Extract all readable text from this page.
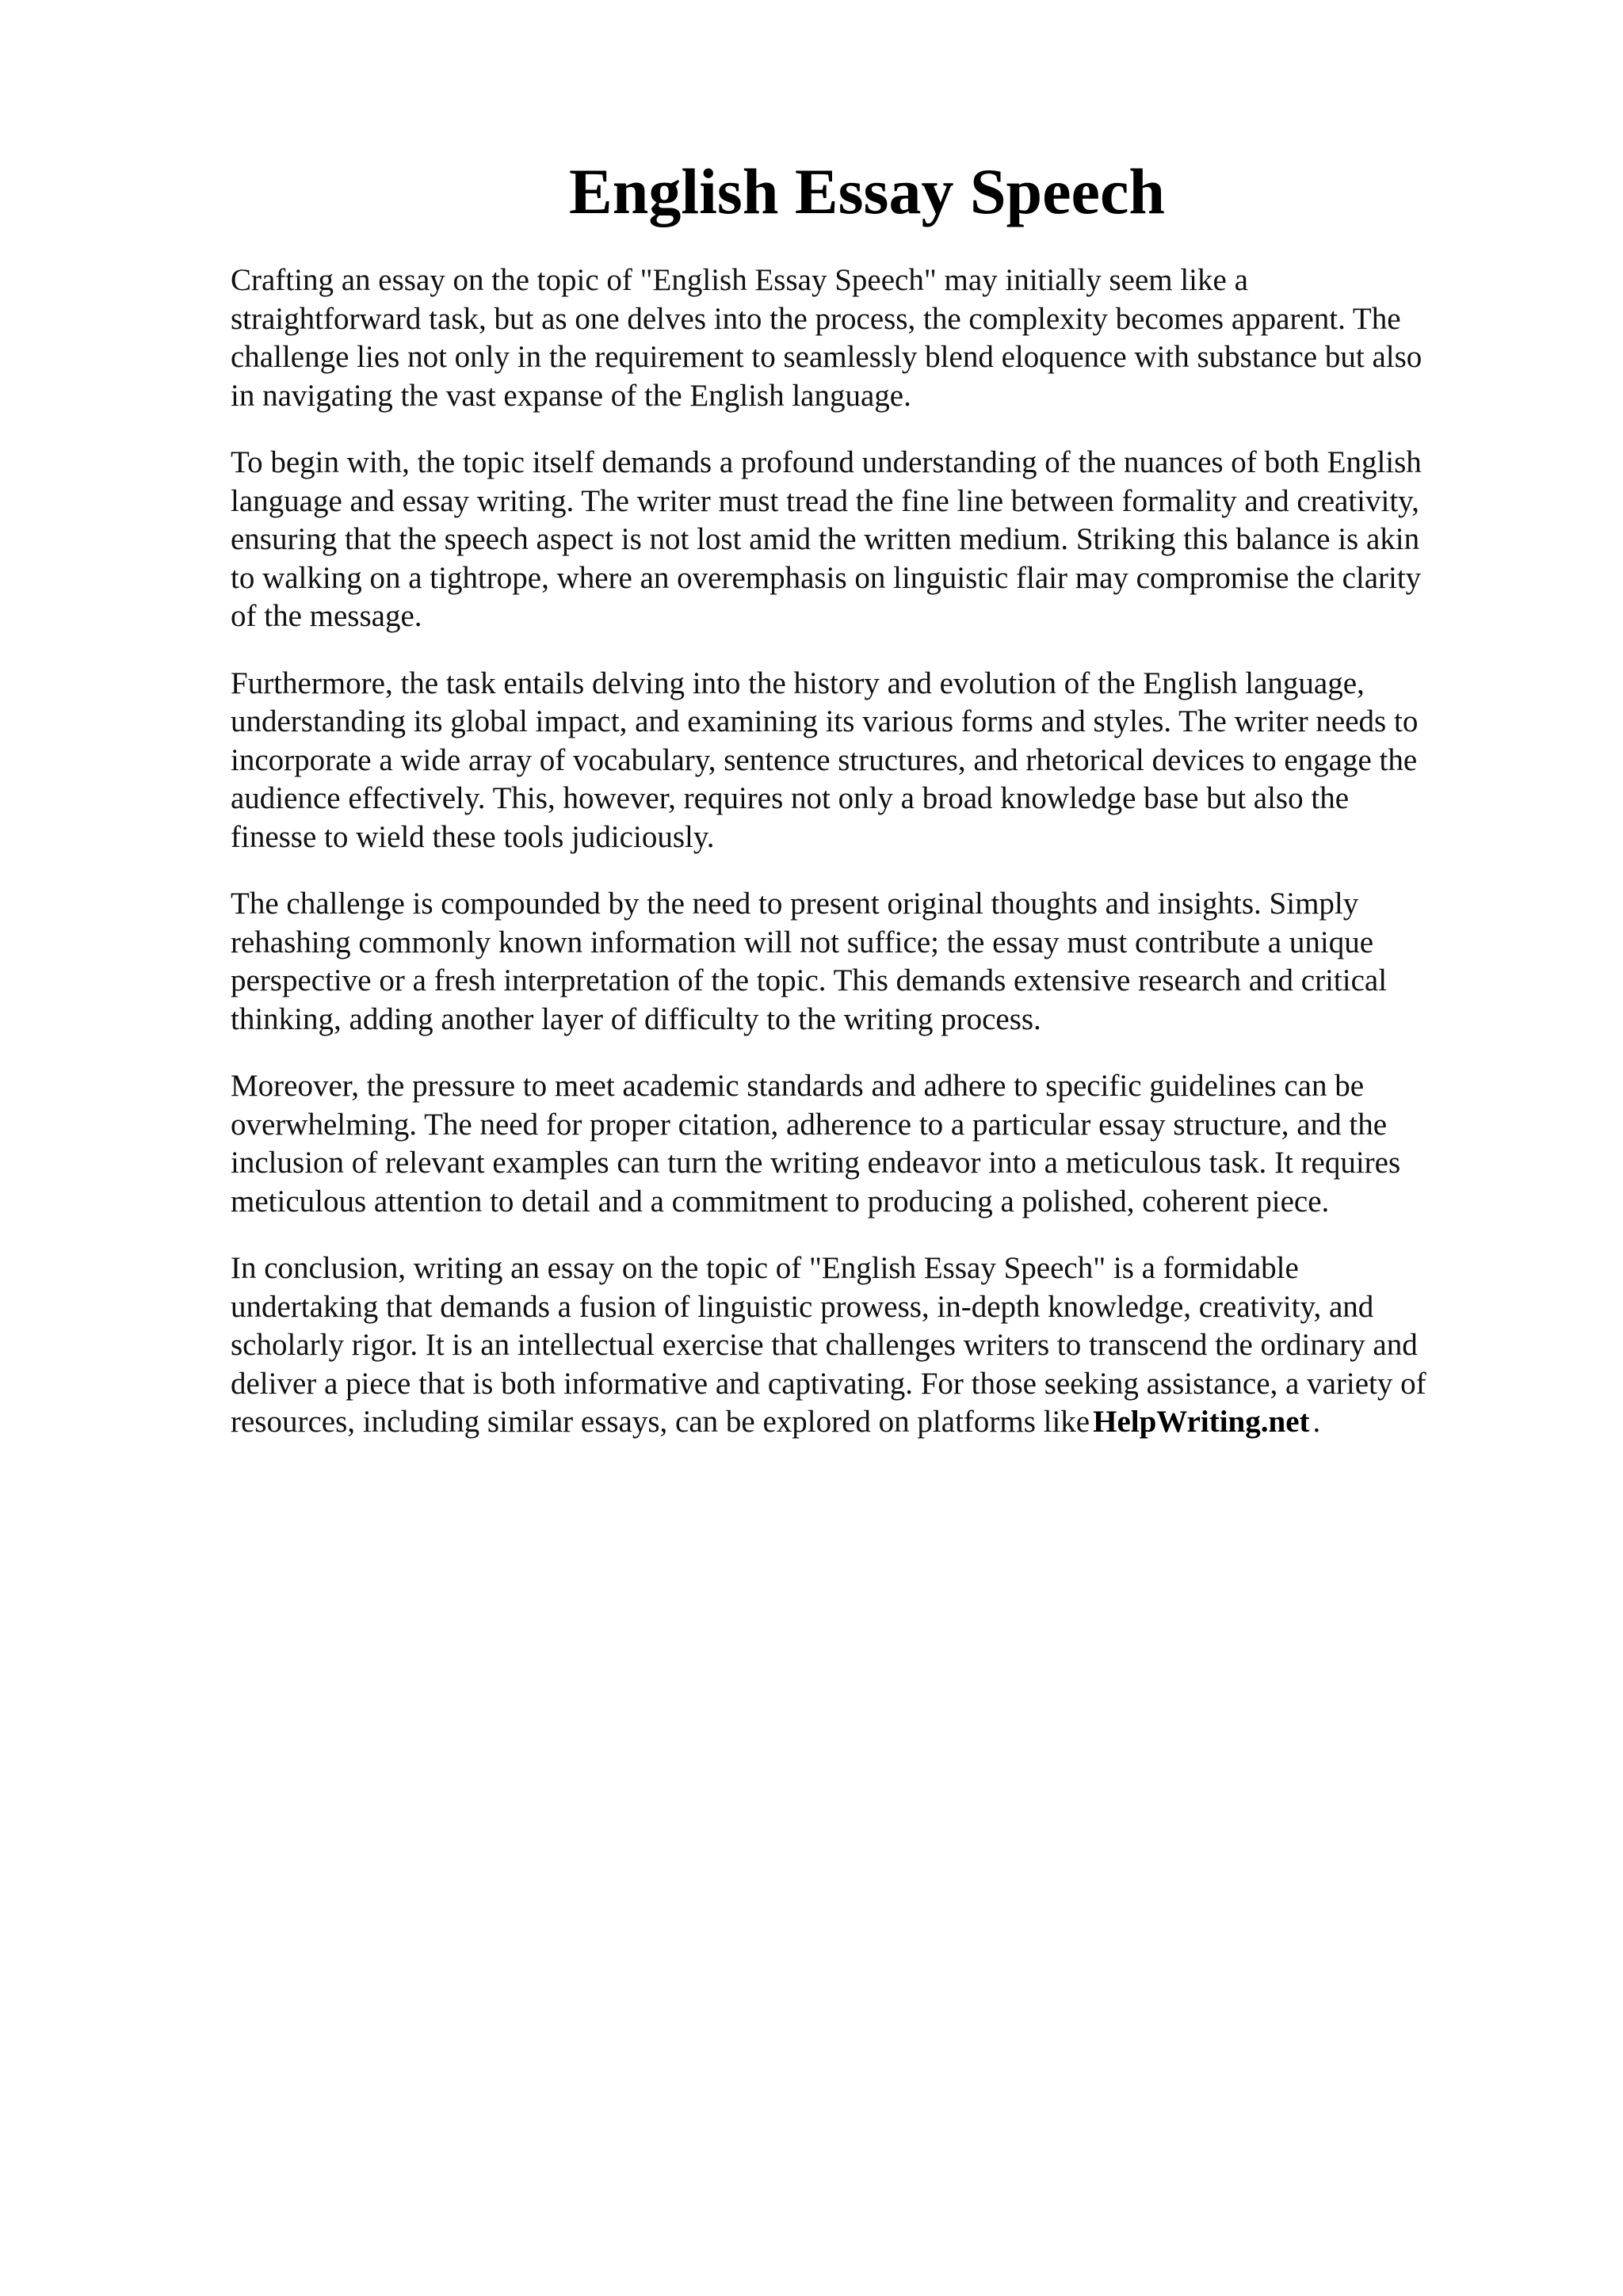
English Essay Speech

Crafting an essay on the topic of "English Essay Speech" may initially seem like a
straightforward task, but as one delves into the process, the complexity becomes apparent. The
challenge lies not only in the requirement to seamlessly blend eloquence with substance but also
in navigating the vast expanse of the English language.

To begin with, the topic itself demands a profound understanding of the nuances of both English
language and essay writing. The writer must tread the fine line between formality and creativity,
ensuring that the speech aspect is not lost amid the written medium. Striking this balance is akin
to walking on a tightrope, where an overemphasis on linguistic flair may compromise the clarity
of the message.

Furthermore, the task entails delving into the history and evolution of the English language,
understanding its global impact, and examining its various forms and styles. The writer needs to
incorporate a wide array of vocabulary, sentence structures, and rhetorical devices to engage the
audience effectively. This, however, requires not only a broad knowledge base but also the
finesse to wield these tools judiciously.

The challenge is compounded by the need to present original thoughts and insights. Simply
rehashing commonly known information will not suffice; the essay must contribute a unique
perspective or a fresh interpretation of the topic. This demands extensive research and critical
thinking, adding another layer of difficulty to the writing process.

Moreover, the pressure to meet academic standards and adhere to specific guidelines can be
overwhelming. The need for proper citation, adherence to a particular essay structure, and the
inclusion of relevant examples can turn the writing endeavor into a meticulous task. It requires
meticulous attention to detail and a commitment to producing a polished, coherent piece.

In conclusion, writing an essay on the topic of "English Essay Speech" is a formidable
undertaking that demands a fusion of linguistic prowess, in-depth knowledge, creativity, and
scholarly rigor. It is an intellectual exercise that challenges writers to transcend the ordinary and
deliver a piece that is both informative and captivating. For those seeking assistance, a variety of
resources, including similar essays, can be explored on platforms like HelpWriting.net .
